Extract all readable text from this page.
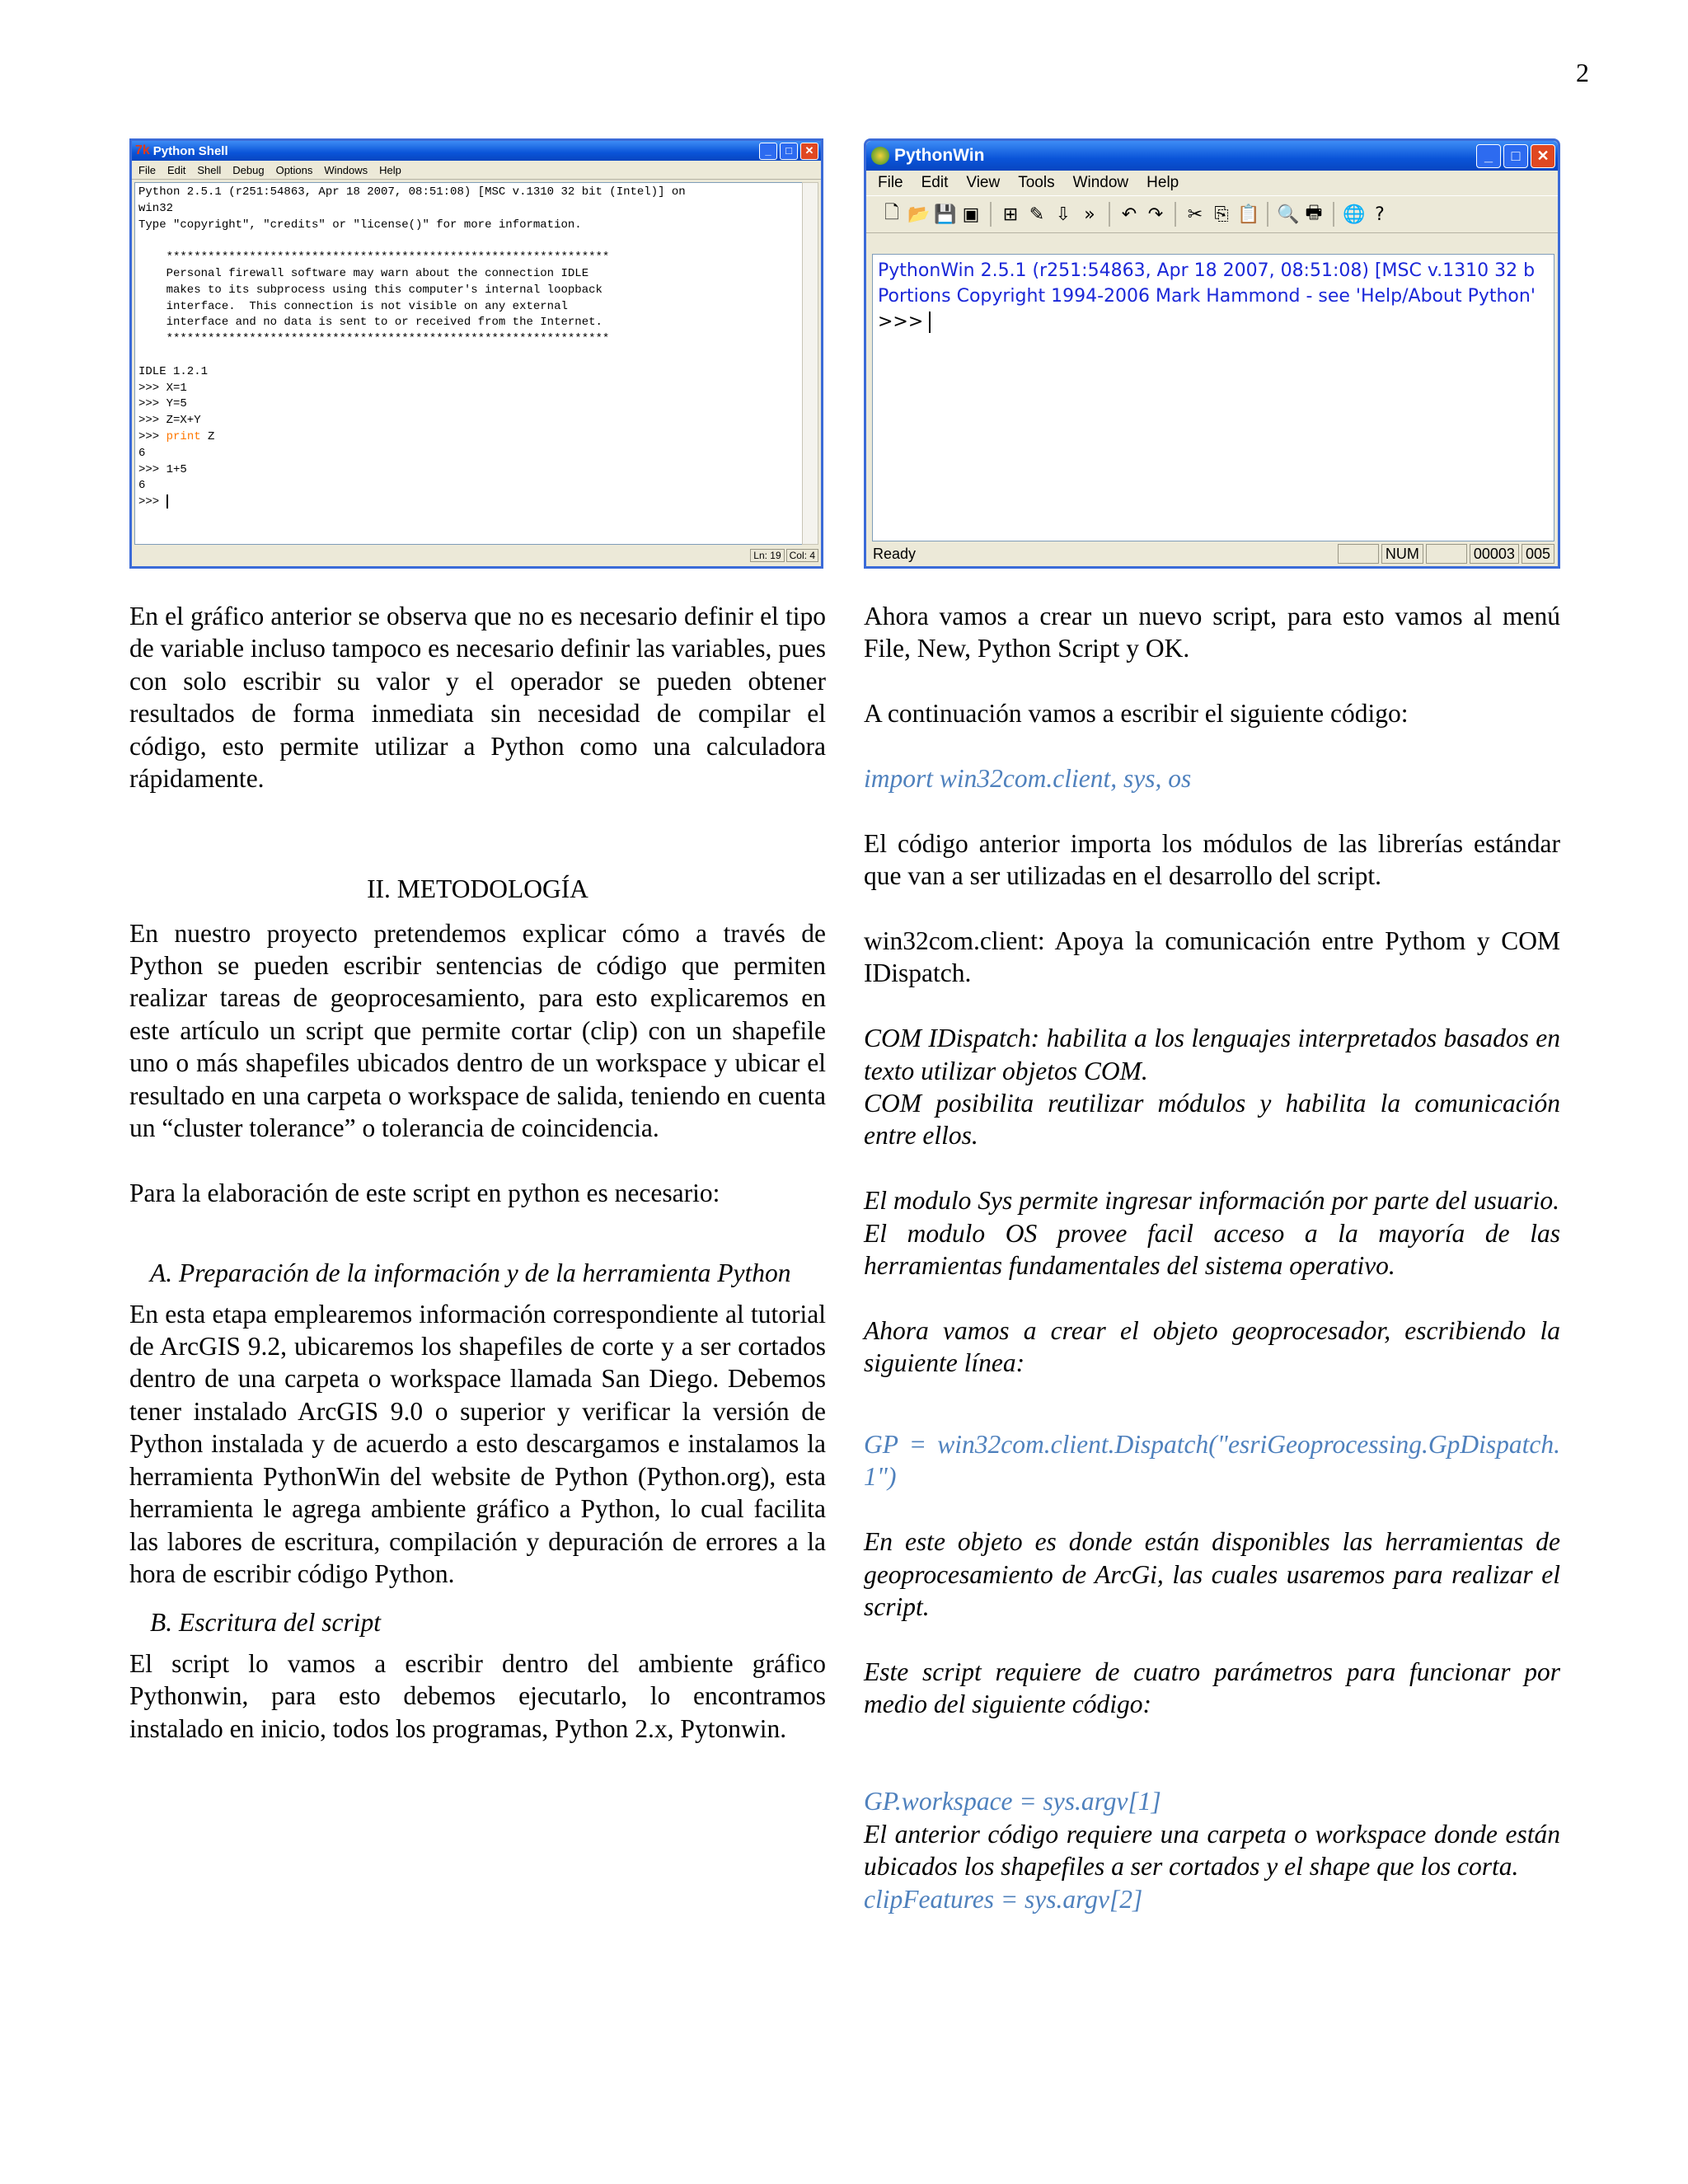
2
7k Python Shell	_	□	✕
File Edit Shell Debug Options Windows Help
Python 2.5.1 (r251:54863, Apr 18 2007, 08:51:08) [MSC v.1310 32 bit (Intel)] on
win32
Type "copyright", "credits" or "license()" for more information.

****************************************************************
Personal firewall software may warn about the connection IDLE
makes to its subprocess using this computer's internal loopback
interface.  This connection is not visible on any external
interface and no data is sent to or received from the Internet.
****************************************************************

IDLE 1.2.1
>>> X=1
>>> Y=5
>>> Z=X+Y
>>> print Z
6
>>> 1+5
6
>>>
Ln: 19 Col: 4
PythonWin	_	□	✕
File Edit View Tools Window Help
🗋 📂 💾 ▣ ⊞ ✎ ⇩ » ↶ ↷ ✂ ⎘ 📋 🔍 🖶 🌐 ?
PythonWin 2.5.1 (r251:54863, Apr 18 2007, 08:51:08) [MSC v.1310 32 b
Portions Copyright 1994-2006 Mark Hammond - see 'Help/About Python'
>>>
Ready	NUM	00003 005

En el gráfico anterior se observa que no es necesario definir el tipo de variable incluso tampoco es necesario definir las variables, pues con solo escribir su valor y el operador se pueden obtener resultados de forma inmediata sin necesidad de compilar el código, esto permite utilizar a Python como una calculadora rápidamente.

II. METODOLOGÍA

En nuestro proyecto pretendemos explicar cómo a través de Python se pueden escribir sentencias de código que permiten realizar tareas de geoprocesamiento, para esto explicaremos en este artículo un script que permite cortar (clip) con un shapefile uno o más shapefiles ubicados dentro de un workspace y ubicar el resultado en una carpeta o workspace de salida, teniendo en cuenta un “cluster tolerance” o tolerancia de coincidencia.

Para la elaboración de este script en python es necesario:

A. Preparación de la información y de la herramienta Python

En esta etapa emplearemos información correspondiente al tutorial de ArcGIS 9.2, ubicaremos los shapefiles de corte y a ser cortados dentro de una carpeta o workspace llamada San Diego. Debemos tener instalado ArcGIS 9.0 o superior y verificar la versión de Python instalada y de acuerdo a esto descargamos e instalamos la herramienta PythonWin del website de Python (Python.org), esta herramienta le agrega ambiente gráfico a Python, lo cual facilita las labores de escritura, compilación y depuración de errores a la hora de escribir código Python.

B. Escritura del script

El script lo vamos a escribir dentro del ambiente gráfico Pythonwin, para esto debemos ejecutarlo, lo encontramos instalado en inicio, todos los programas, Python 2.x, Pytonwin.

Ahora vamos a crear un nuevo script, para esto vamos al menú File, New, Python Script y OK.

A continuación vamos a escribir el siguiente código:

import win32com.client, sys, os

El código anterior importa los módulos de las librerías estándar que van a ser utilizadas en el desarrollo del script.

win32com.client: Apoya la comunicación entre Pythom y COM IDispatch.

COM IDispatch: habilita a los lenguajes interpretados basados en texto utilizar objetos COM.

COM posibilita reutilizar módulos y habilita la comunicación entre ellos.

El modulo Sys permite ingresar información por parte del usuario.

El modulo OS provee facil acceso a la mayoría de las herramientas fundamentales del sistema operativo.

Ahora vamos a crear el objeto geoprocesador, escribiendo la siguiente línea:

GP = win32com.client.Dispatch("esriGeoprocessing.GpDispatch.1")

En este objeto es donde están disponibles las herramientas de geoprocesamiento de ArcGi, las cuales usaremos para realizar el script.

Este script requiere de cuatro parámetros para funcionar por medio del siguiente código:

GP.workspace = sys.argv[1]

El anterior código requiere una carpeta o workspace donde están ubicados los shapefiles a ser cortados y el shape que los corta.

clipFeatures = sys.argv[2]
